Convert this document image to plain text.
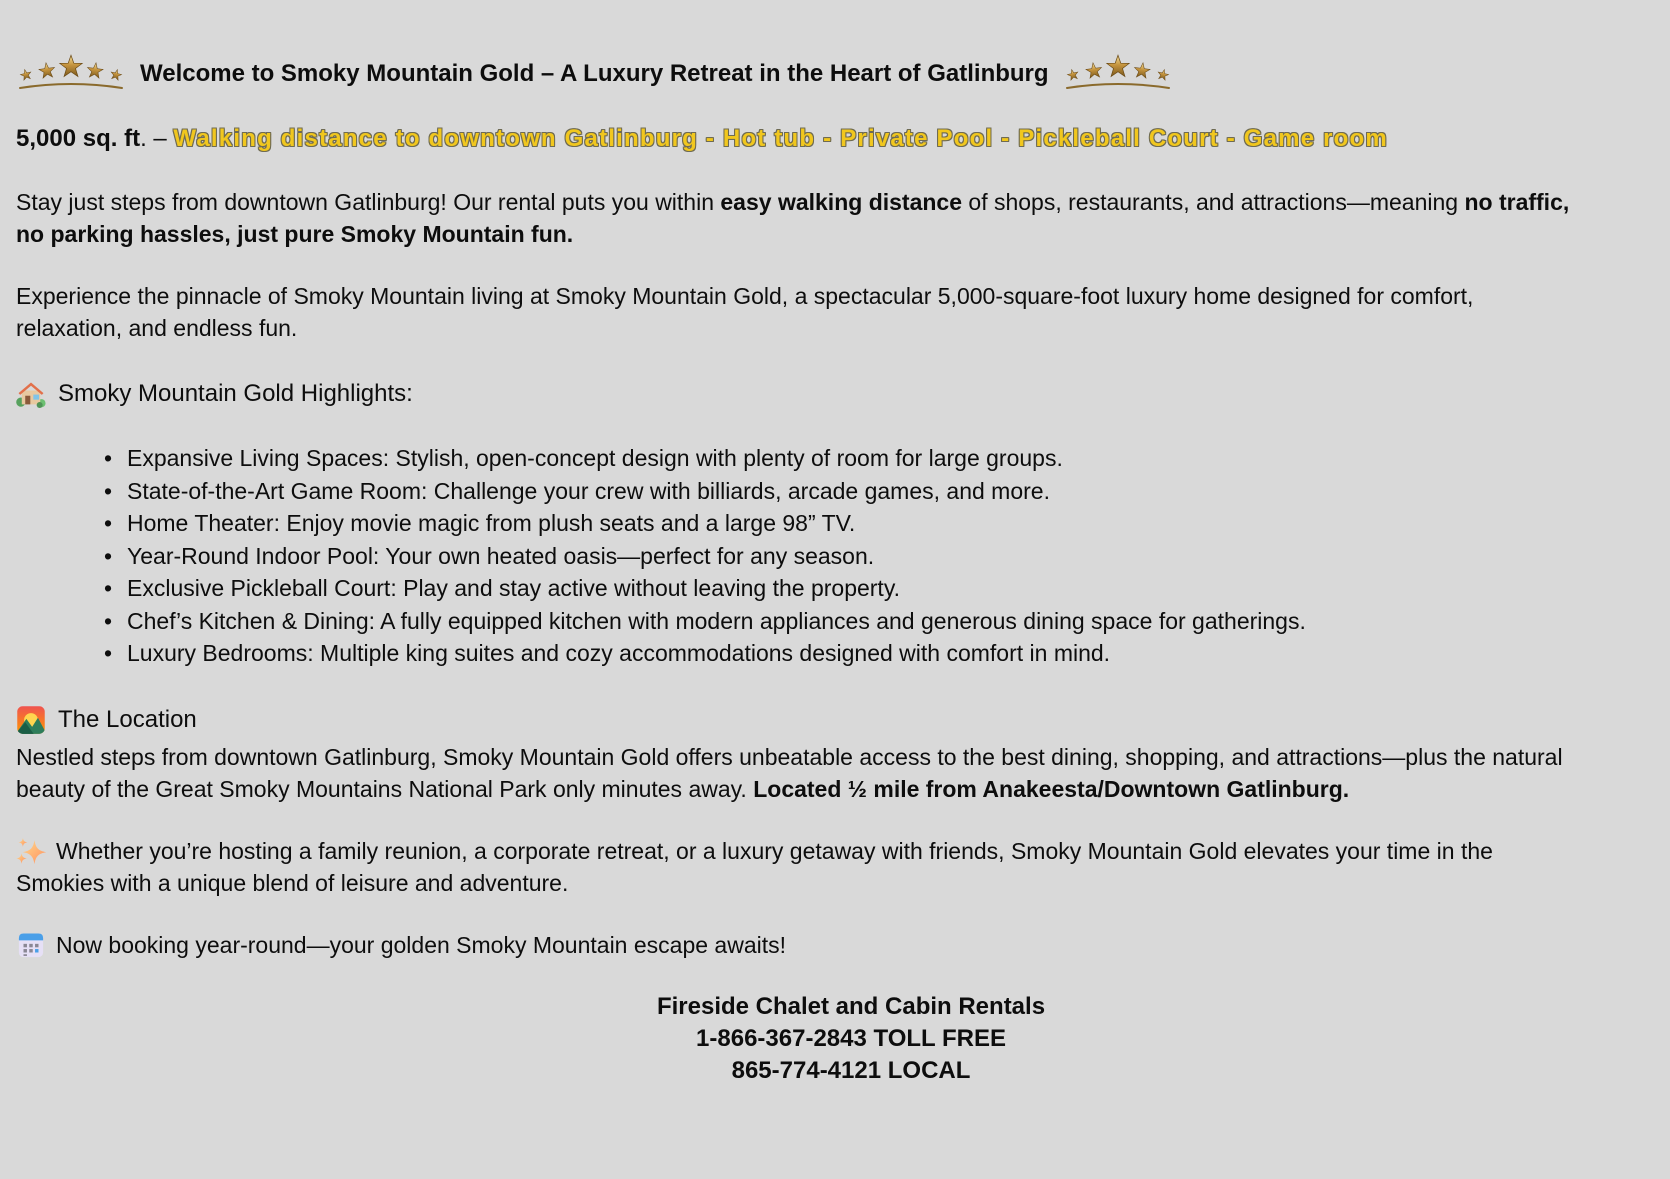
Welcome to Smoky Mountain Gold – A Luxury Retreat in the Heart of Gatlinburg
5,000 sq. ft. – Walking distance to downtown Gatlinburg - Hot tub - Private Pool - Pickleball Court - Game room

Stay just steps from downtown Gatlinburg! Our rental puts you within easy walking distance of shops, restaurants, and attractions—meaning no traffic, no parking hassles, just pure Smoky Mountain fun.

Experience the pinnacle of Smoky Mountain living at Smoky Mountain Gold, a spectacular 5,000-square-foot luxury home designed for comfort, relaxation, and endless fun.

Smoky Mountain Gold Highlights:
• Expansive Living Spaces: Stylish, open-concept design with plenty of room for large groups.
• State-of-the-Art Game Room: Challenge your crew with billiards, arcade games, and more.
• Home Theater: Enjoy movie magic from plush seats and a large 98” TV.
• Year-Round Indoor Pool: Your own heated oasis—perfect for any season.
• Exclusive Pickleball Court: Play and stay active without leaving the property.
• Chef’s Kitchen & Dining: A fully equipped kitchen with modern appliances and generous dining space for gatherings.
• Luxury Bedrooms: Multiple king suites and cozy accommodations designed with comfort in mind.
The Location

Nestled steps from downtown Gatlinburg, Smoky Mountain Gold offers unbeatable access to the best dining, shopping, and attractions—plus the natural beauty of the Great Smoky Mountains National Park only minutes away. Located ½ mile from Anakeesta/Downtown Gatlinburg.

Whether you’re hosting a family reunion, a corporate retreat, or a luxury getaway with friends, Smoky Mountain Gold elevates your time in the Smokies with a unique blend of leisure and adventure.

Now booking year-round—your golden Smoky Mountain escape awaits!

Fireside Chalet and Cabin Rentals
1-866-367-2843 TOLL FREE
865-774-4121 LOCAL
